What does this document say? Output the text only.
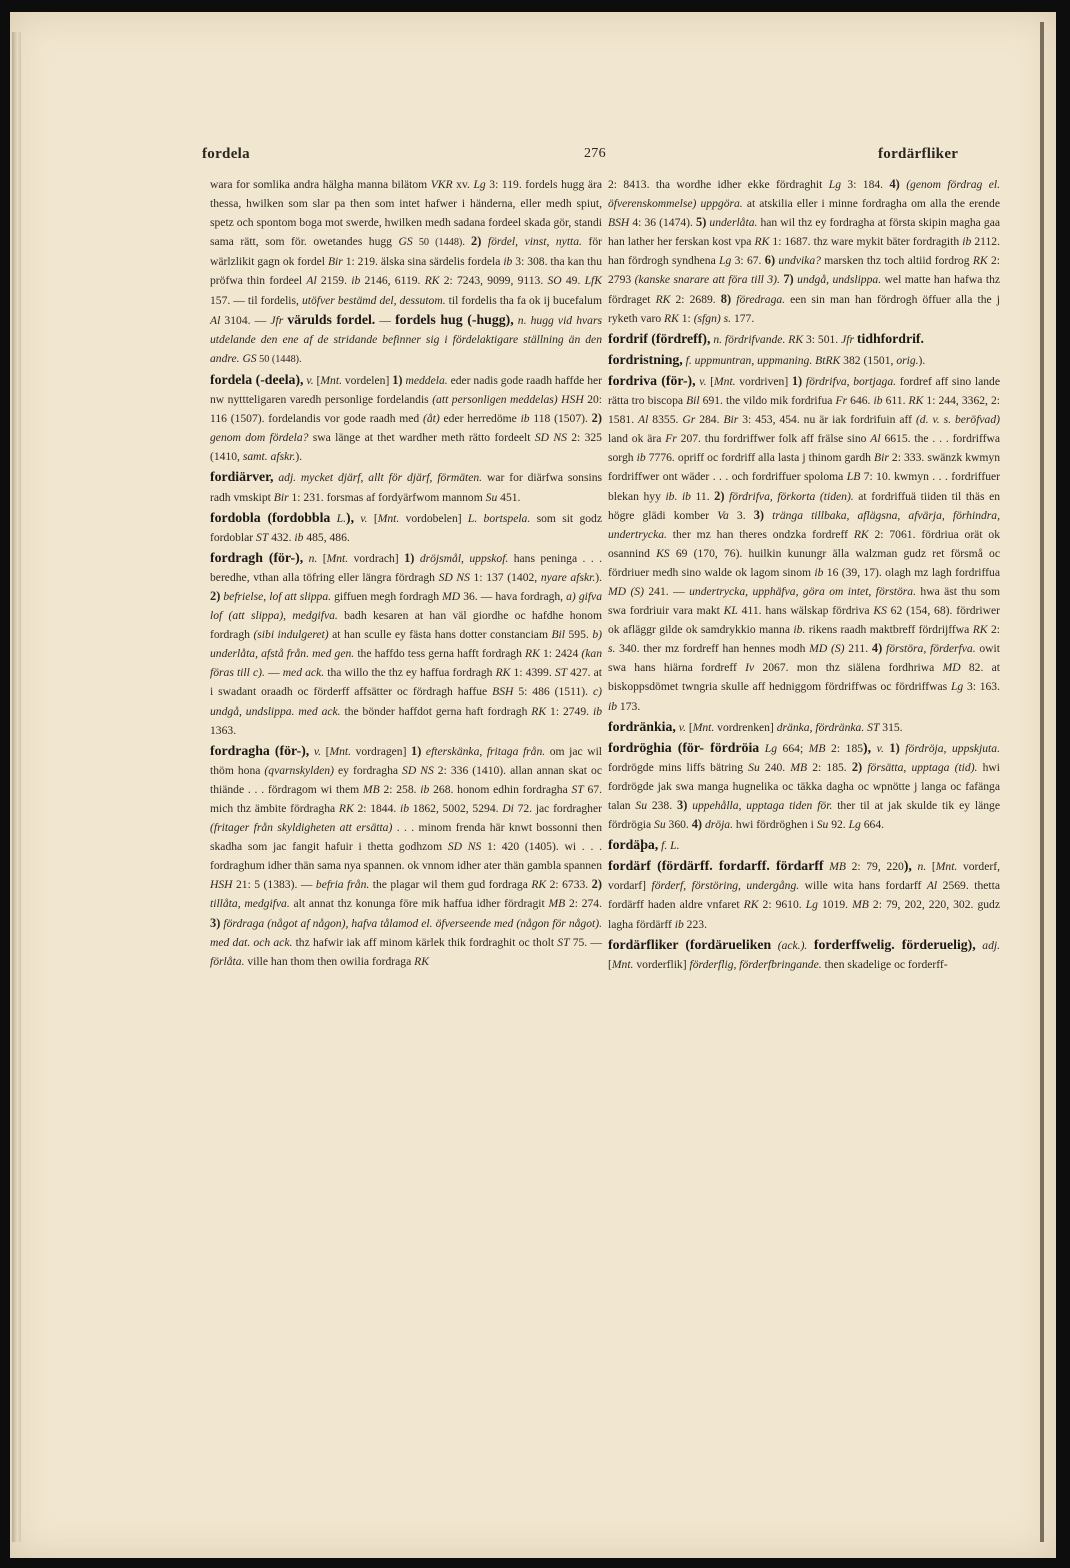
fordela	276	fordärfliker

wara for somlika andra hälgha manna bilätom VKR xv. Lg 3: 119. fordels hugg ära thessa, hwilken som slar pa then som intet hafwer i händerna, eller medh spiut, spetz och spontom boga mot swerde, hwilken medh sadana fordeel skada gör, standi sama rätt, som för. owetandes hugg GS 50 (1448). 2) fördel, vinst, nytta. för wärlzlikit gagn ok fordel Bir 1: 219. älska sina särdelis fordela ib 3: 308. tha kan thu pröfwa thin fordeel Al 2159. ib 2146, 6119. RK 2: 7243, 9099, 9113. SO 49. LfK 157. — til fordelis, utöfver bestämd del, dessutom. til fordelis tha fa ok ij bucefalum Al 3104. — Jfr värulds fordel. — fordels hug (-hugg), n. hugg vid hvars utdelande den ene af de stridande befinner sig i fördelaktigare ställning än den andre. GS 50 (1448).

fordela (-deela), v. [Mnt. vordelen] 1) meddela. eder nadis gode raadh haffde her nw nyttteligaren varedh personlige fordelandis (att personligen meddelas) HSH 20: 116 (1507). fordelandis vor gode raadh med (åt) eder herredöme ib 118 (1507). 2) genom dom fördela? swa länge at thet wardher meth rätto fordeelt SD NS 2: 325 (1410, samt. afskr.).

fordiärver, adj. mycket djärf, allt för djärf, förmäten. war for diärfwa sonsins radh vmskipt Bir 1: 231. forsmas af fordyärfwom mannom Su 451.

fordobla (fordobbla L.), v. [Mnt. vordobelen] L. bortspela. som sit godz fordoblar ST 432. ib 485, 486.

fordragh (för-), n. [Mnt. vordrach] 1) dröjsmål, uppskof. hans peninga . . . beredhe, vthan alla töfring eller längra fördragh SD NS 1: 137 (1402, nyare afskr.). 2) befrielse, lof att slippa. giffuen megh fordragh MD 36. — hava fordragh, a) gifva lof (att slippa), medgifva. badh kesaren at han väl giordhe oc hafdhe honom fordragh (sibi indulgeret) at han sculle ey fästa hans dotter constanciam Bil 595. b) underlåta, afstå från. med gen. the haffdo tess gerna hafft fordragh RK 1: 2424 (kan föras till c). — med ack. tha willo the thz ey haffua fordragh RK 1: 4399. ST 427. at i swadant oraadh oc förderff affsätter oc fördragh haffue BSH 5: 486 (1511). c) undgå, undslippa. med ack. the bönder haffdot gerna haft fordragh RK 1: 2749. ib 1363.

fordragha (för-), v. [Mnt. vordragen] 1) efterskänka, fritaga från. om jac wil thöm hona (qvarnskylden) ey fordragha SD NS 2: 336 (1410). allan annan skat oc thiände . . . fördragom wi them MB 2: 258. ib 268. honom edhin fordragha ST 67. mich thz ämbite fördragha RK 2: 1844. ib 1862, 5002, 5294. Di 72. jac fordragher (fritager från skyldigheten att ersätta) . . . minom frenda här knwt bossonni then skadha som jac fangit hafuir i thetta godhzom SD NS 1: 420 (1405). wi . . . fordraghum idher thän sama nya spannen. ok vnnom idher ater thän gambla spannen HSH 21: 5 (1383). — befria från. the plagar wil them gud fordraga RK 2: 6733. 2) tillåta, medgifva. alt annat thz konunga före mik haffua idher fördragit MB 2: 274. 3) fördraga (något af någon), hafva tålamod el. öfverseende med (någon för något). med dat. och ack. thz hafwir iak aff minom kärlek thik fordraghit oc tholt ST 75. — förlåta. ville han thom then owilia fordraga RK

2: 8413. tha wordhe idher ekke fördraghit Lg 3: 184. 4) (genom fördrag el. öfverenskommelse) uppgöra. at atskilia eller i minne fordragha om alla the erende BSH 4: 36 (1474). 5) underlåta. han wil thz ey fordragha at första skipin magha gaa han lather her ferskan kost vpa RK 1: 1687. thz ware mykit bäter fordragith ib 2112. han fördrogh syndhena Lg 3: 67. 6) undvika? marsken thz toch altiid fordrog RK 2: 2793 (kanske snarare att föra till 3). 7) undgå, undslippa. wel matte han hafwa thz fördraget RK 2: 2689. 8) föredraga. een sin man han fördrogh öffuer alla the j ryketh varo RK 1: (sfgn) s. 177.

fordrif (fördreff), n. fördrifvande. RK 3: 501. Jfr tidhfordrif.

fordristning, f. uppmuntran, uppmaning. BtRK 382 (1501, orig.).

fordriva (för-), v. [Mnt. vordriven] 1) fördrifva, bortjaga. fordref aff sino lande rätta tro biscopa Bil 691. the vildo mik fordrifua Fr 646. ib 611. RK 1: 244, 3362, 2: 1581. Al 8355. Gr 284. Bir 3: 453, 454. nu är iak fordrifuin aff (d. v. s. beröfvad) land ok ära Fr 207. thu fordriffwer folk aff frälse sino Al 6615. the . . . fordriffwa sorgh ib 7776. opriff oc fordriff alla lasta j thinom gardh Bir 2: 333. swänzk kwmyn fordriffwer ont wäder . . . och fordriffuer spoloma LB 7: 10. kwmyn . . . fordriffuer blekan hyy ib. ib 11. 2) fördrifva, förkorta (tiden). at fordriffuä tiiden til thäs en högre glädi komber Va 3. 3) tränga tillbaka, aflägsna, afvärja, förhindra, undertrycka. ther mz han theres ondzka fordreff RK 2: 7061. fördriua orät ok osannind KS 69 (170, 76). huilkin kunungr älla walzman gudz ret försmå oc fördriuer medh sino walde ok lagom sinom ib 16 (39, 17). olagh mz lagh fordriffua MD (S) 241. — undertrycka, upphäfva, göra om intet, förstöra. hwa äst thu som swa fordriuir vara makt KL 411. hans wälskap fördriva KS 62 (154, 68). fördriwer ok afläggr gilde ok samdrykkio manna ib. rikens raadh maktbreff fördrijffwa RK 2: s. 340. ther mz fordreff han hennes modh MD (S) 211. 4) förstöra, förderfva. owit swa hans hiärna fordreff Iv 2067. mon thz siälena fordhriwa MD 82. at biskoppsdömet twngria skulle aff hedniggom fördriffwas oc fördriffwas Lg 3: 163. ib 173.

fordränkia, v. [Mnt. vordrenken] dränka, fördränka. ST 315.

fordröghia (för- fördröia Lg 664; MB 2: 185), v. 1) fördröja, uppskjuta. fordrögde mins liffs bätring Su 240. MB 2: 185. 2) försätta, upptaga (tid). hwi fordrögde jak swa manga hugnelika oc täkka dagha oc wpnötte j langa oc fafänga talan Su 238. 3) uppehålla, upptaga tiden för. ther til at jak skulde tik ey länge fördrögia Su 360. 4) dröja. hwi fördröghen i Su 92. Lg 664.

fordäþa, f. L.

fordärf (fördärff. fordarff. fördarff MB 2: 79, 220), n. [Mnt. vorderf, vordarf] förderf, förstöring, undergång. wille wita hans fordarff Al 2569. thetta fordärff haden aldre vnfaret RK 2: 9610. Lg 1019. MB 2: 79, 202, 220, 302. gudz lagha fördärff ib 223.

fordärfliker (fordärueliken (ack.). forderffwelig. förderuelig), adj. [Mnt. vorderflik] förderflig, förderfbringande. then skadelige oc forderff-
